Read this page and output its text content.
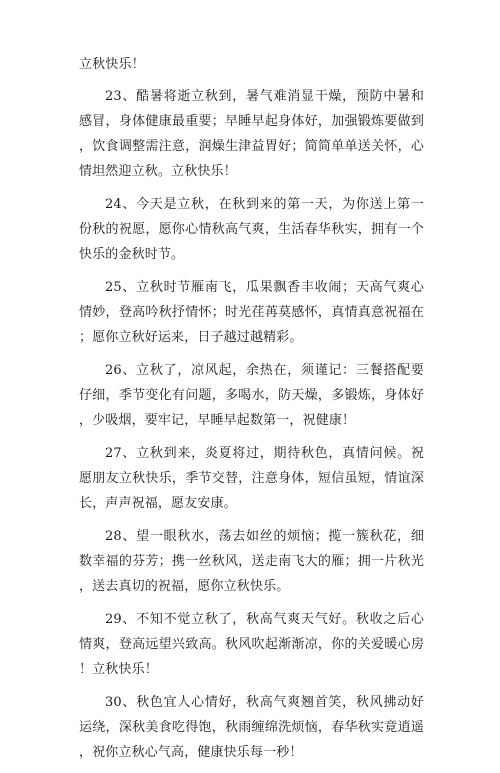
立秋快乐！

23、酷暑将逝立秋到，暑气难消显干燥，预防中暑和感冒，身体健康最重要；早睡早起身体好，加强锻炼要做到，饮食调整需注意，润燥生津益胃好；简简单单送关怀，心情坦然迎立秋。立秋快乐！

24、今天是立秋，在秋到来的第一天，为你送上第一份秋的祝愿，愿你心情秋高气爽，生活春华秋实，拥有一个快乐的金秋时节。

25、立秋时节雁南飞，瓜果飘香丰收闹；天高气爽心情妙，登高吟秋抒情怀；时光荏苒莫感怀，真情真意祝福在；愿你立秋好运来，日子越过越精彩。

26、立秋了，凉风起，余热在，须谨记：三餐搭配要仔细，季节变化有问题，多喝水，防天燥，多锻炼，身体好，少吸烟，要牢记，早睡早起数第一，祝健康！

27、立秋到来，炎夏将过，期待秋色，真情问候。祝愿朋友立秋快乐，季节交替，注意身体，短信虽短，情谊深长，声声祝福，愿友安康。

28、望一眼秋水，荡去如丝的烦恼；揽一簇秋花，细数幸福的芬芳；携一丝秋风，送走南飞大的雁；拥一片秋光，送去真切的祝福，愿你立秋快乐。

29、不知不觉立秋了，秋高气爽天气好。秋收之后心情爽，登高远望兴致高。秋风吹起渐渐凉，你的关爱暖心房！立秋快乐！

30、秋色宜人心情好，秋高气爽翘首笑，秋风拂动好运绕，深秋美食吃得饱，秋雨缠绵洗烦恼，春华秋实竟逍遥，祝你立秋心气高，健康快乐每一秒！
